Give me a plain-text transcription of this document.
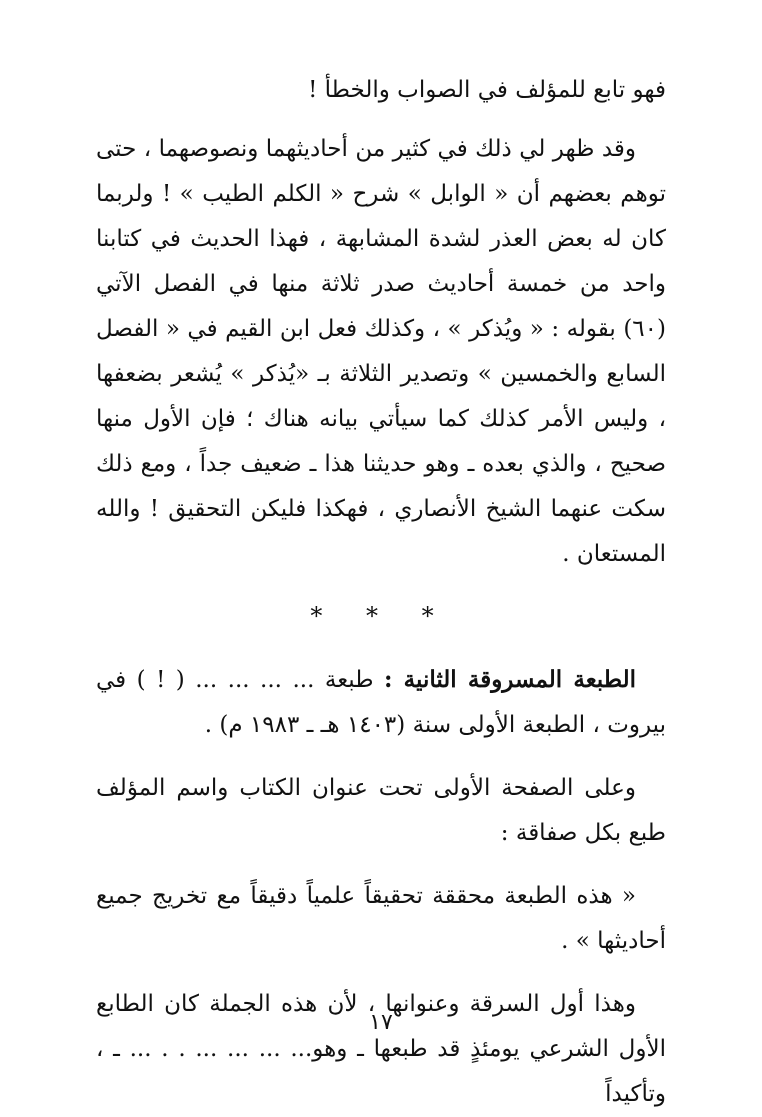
فهو تابع للمؤلف في الصواب والخطأ !

وقد ظهر لي ذلك في كثير من أحاديثهما ونصوصهما ، حتى توهم بعضهم أن « الوابل » شرح « الكلم الطيب » ! ولربما كان له بعض العذر لشدة المشابهة ، فهذا الحديث في كتابنا واحد من خمسة أحاديث صدر ثلاثة منها في الفصل الآتي (٦٠) بقوله : « ويُذكر » ، وكذلك فعل ابن القيم في « الفصل السابع والخمسين » وتصدير الثلاثة بـ «يُذكر » يُشعر بضعفها ، وليس الأمر كذلك كما سيأتي بيانه هناك ؛ فإن الأول منها صحيح ، والذي بعده ـ وهو حديثنا هذا ـ ضعيف جداً ، ومع ذلك سكت عنهما الشيخ الأنصاري ، فهكذا فليكن التحقيق ! والله المستعان .

* * *

الطبعة المسروقة الثانية : طبعة ... ... ... ... ( ! ) في بيروت ، الطبعة الأولى سنة (١٤٠٣ هـ ـ ١٩٨٣ م) .

وعلى الصفحة الأولى تحت عنوان الكتاب واسم المؤلف طبع بكل صفاقة :

« هذه الطبعة محققة تحقيقاً علمياً دقيقاً مع تخريج جميع أحاديثها » .

وهذا أول السرقة وعنوانها ، لأن هذه الجملة كان الطابع الأول الشرعي يومئذٍ قد طبعها ـ وهو... ... ... ... . . ... ـ ، وتأكيداً

١٧
